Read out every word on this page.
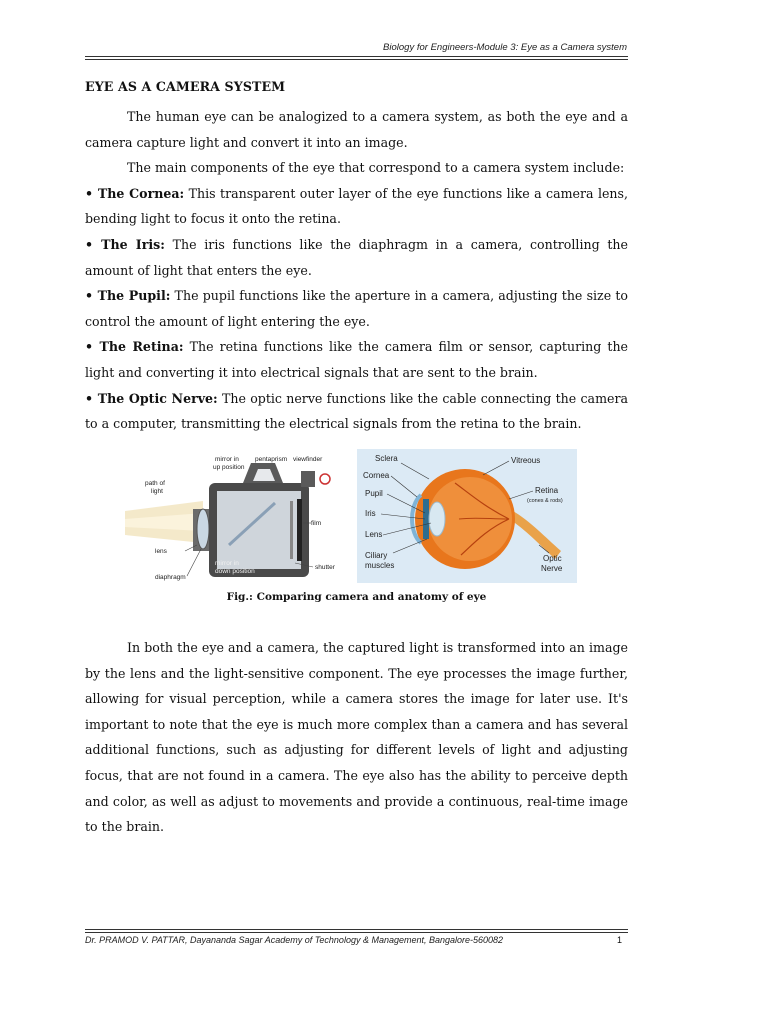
Biology for Engineers-Module 3: Eye as a Camera system
EYE AS A CAMERA SYSTEM

The human eye can be analogized to a camera system, as both the eye and a camera capture light and convert it into an image.

The main components of the eye that correspond to a camera system include:

• The Cornea: This transparent outer layer of the eye functions like a camera lens, bending light to focus it onto the retina.

• The Iris: The iris functions like the diaphragm in a camera, controlling the amount of light that enters the eye.

• The Pupil: The pupil functions like the aperture in a camera, adjusting the size to control the amount of light entering the eye.

• The Retina: The retina functions like the camera film or sensor, capturing the light and converting it into electrical signals that are sent to the brain.

• The Optic Nerve: The optic nerve functions like the cable connecting the camera to a computer, transmitting the electrical signals from the retina to the brain.

mirror in up position
path of light
film
lens
mirror in down position
shutter
diaphragm
pentaprism viewfinder	Sclera
Cornea
Pupil
Iris
Lens
Ciliary muscles
Vitreous
Retina
(cones & rods)
Optic Nerve
Fig.: Comparing camera and anatomy of eye

In both the eye and a camera, the captured light is transformed into an image by the lens and the light-sensitive component. The eye processes the image further, allowing for visual perception, while a camera stores the image for later use. It's important to note that the eye is much more complex than a camera and has several additional functions, such as adjusting for different levels of light and adjusting focus, that are not found in a camera. The eye also has the ability to perceive depth and color, as well as adjust to movements and provide a continuous, real-time image to the brain.

Dr. PRAMOD V. PATTAR, Dayananda Sagar Academy of Technology & Management, Bangalore-560082	1
